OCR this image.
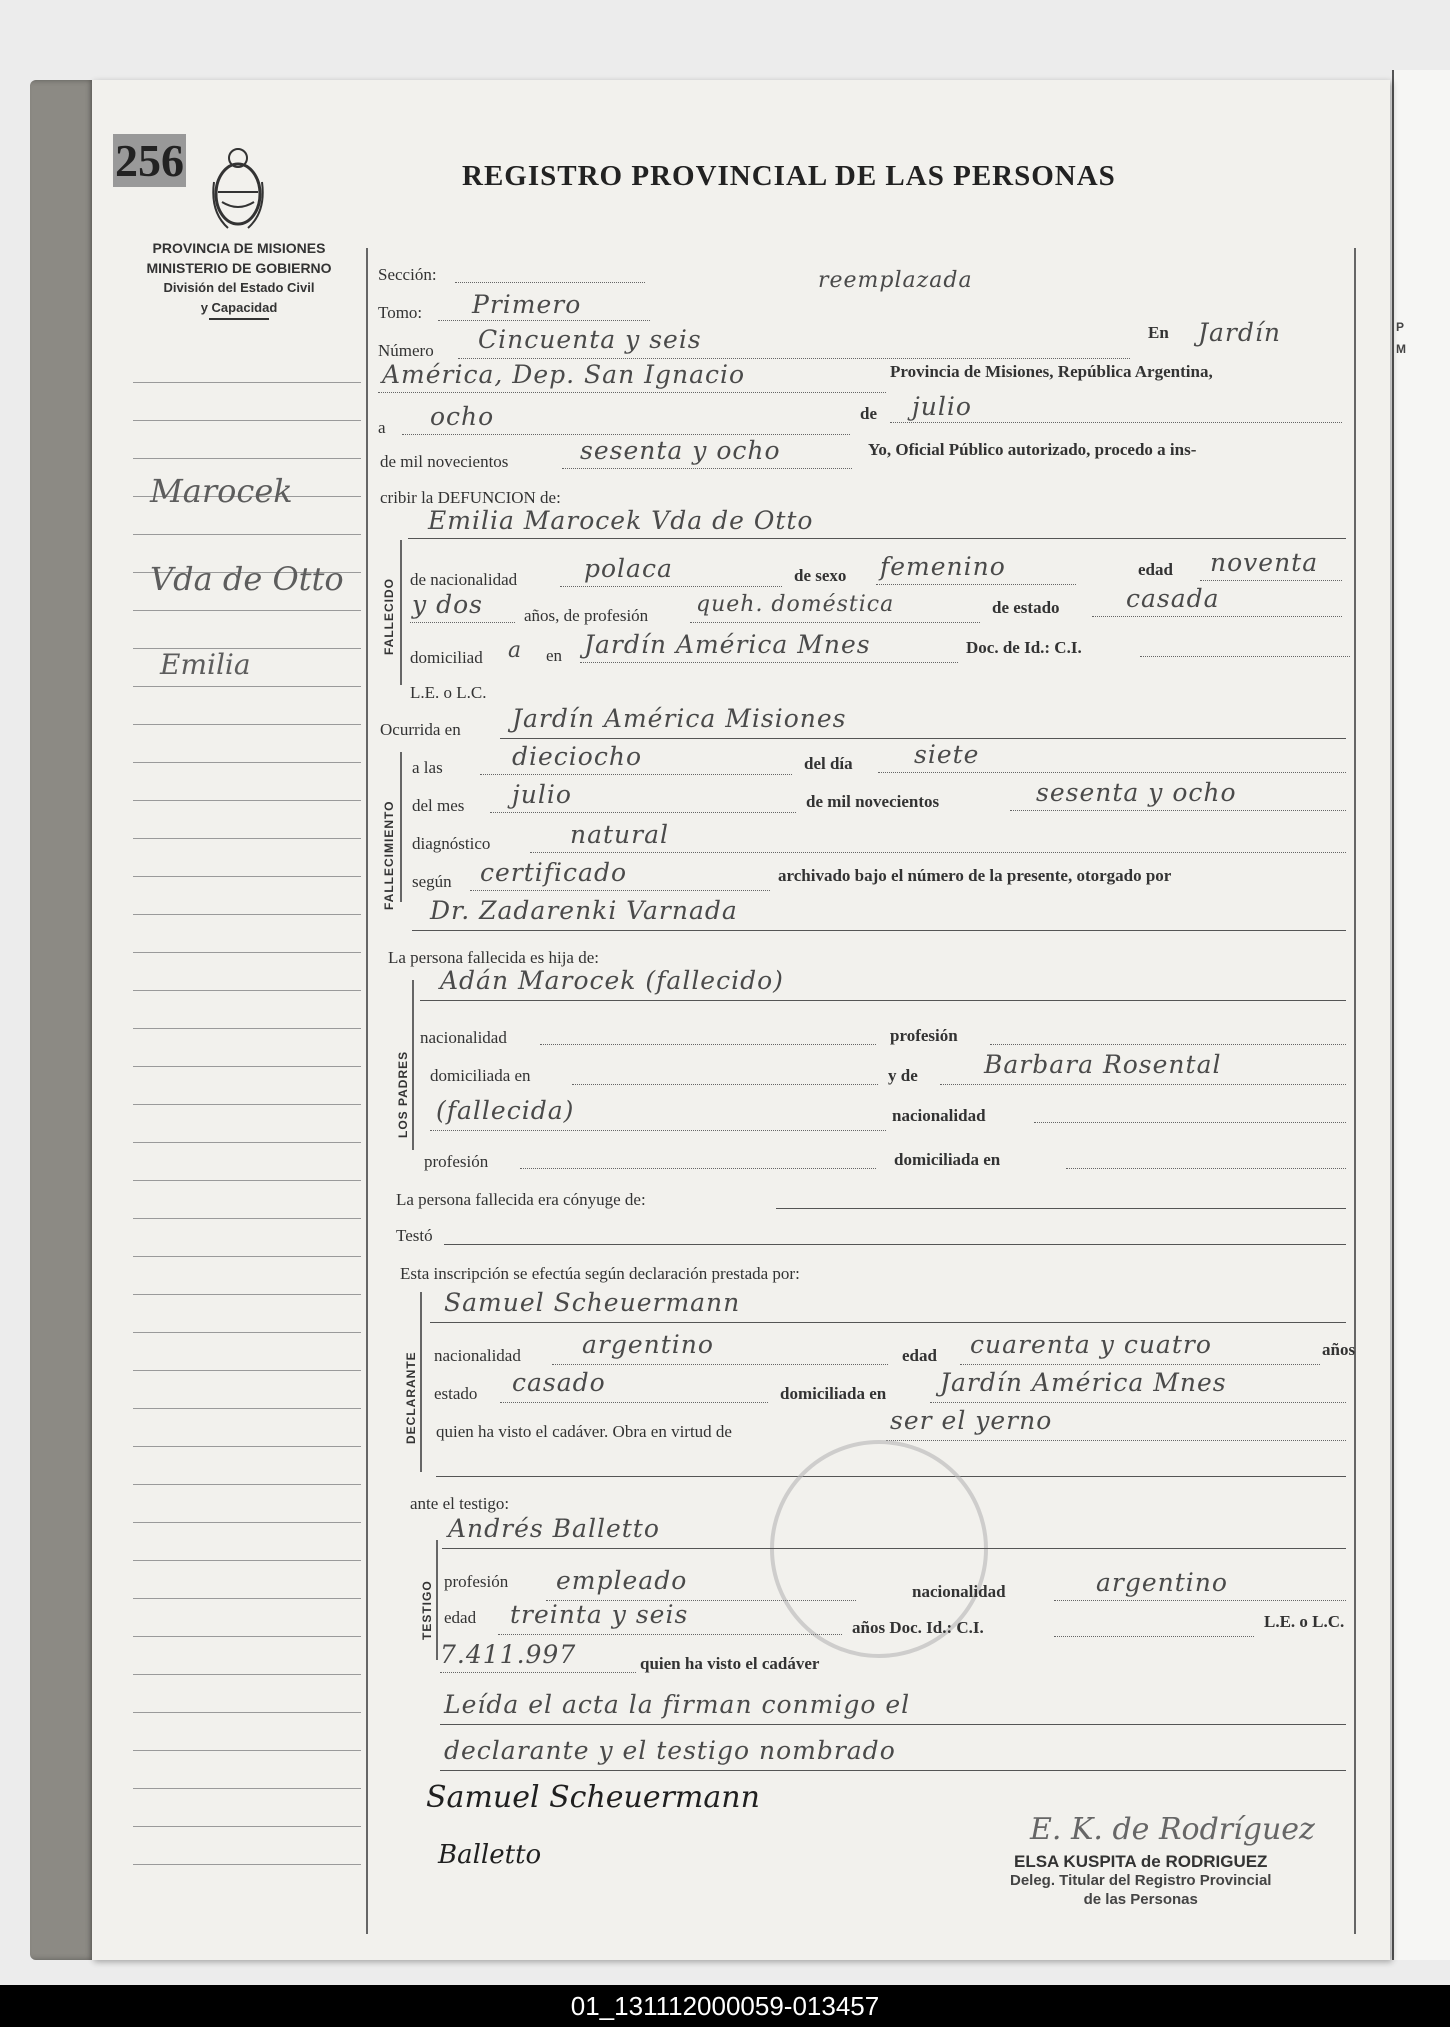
P
M
256
PROVINCIA DE MISIONES
MINISTERIO DE GOBIERNO
División del Estado Civil
y Capacidad
REGISTRO PROVINCIAL DE LAS PERSONAS
Marocek
Vda de Otto
Emilia
Sección:
Tomo: Primero
reemplazada
Número Cincuenta y seis	En Jardín
América, Dep. San Ignacio	Provincia de Misiones, República Argentina,
a ocho	de julio
de mil novecientos	sesenta y ocho	Yo, Oficial Público autorizado, procedo a ins-
cribir la DEFUNCION de:
FALLECIDO
Emilia Marocek Vda de Otto
de nacionalidad	polaca	de sexo femenino	edad noventa
y dos años, de profesión queh. doméstica	de estado	casada
domiciliad a en Jardín América Mnes	Doc. de Id.: C.I.
L.E. o L.C.
Ocurrida en Jardín América Misiones
FALLECIMIENTO
a las	dieciocho	del día siete
del mes julio	de mil novecientos	sesenta y ocho
diagnóstico	natural
según certificado	archivado bajo el número de la presente, otorgado por
Dr. Zadarenki Varnada
La persona fallecida es hija de:
LOS PADRES
Adán Marocek (fallecido)
nacionalidad	profesión
domiciliada en	y de	Barbara Rosental
(fallecida)	nacionalidad
profesión	domiciliada en
La persona fallecida era cónyuge de:
Testó
Esta inscripción se efectúa según declaración prestada por:
DECLARANTE
Samuel Scheuermann
nacionalidad argentino	edad cuarenta y cuatro	años
estado casado	domiciliada en Jardín América Mnes
quien ha visto el cadáver. Obra en virtud de	ser el yerno
ante el testigo:
TESTIGO
Andrés Balletto
profesión empleado	nacionalidad	argentino
edad treinta y seis	años Doc. Id.: C.I.	L.E. o L.C.
7.411.997	quien ha visto el cadáver
Leída el acta la firman conmigo el
declarante y el testigo nombrado
Samuel Scheuermann
Balletto
E. K. de Rodríguez
ELSA KUSPITA de RODRIGUEZ
Deleg. Titular del Registro Provincial
de las Personas
01_131112000059-013457
